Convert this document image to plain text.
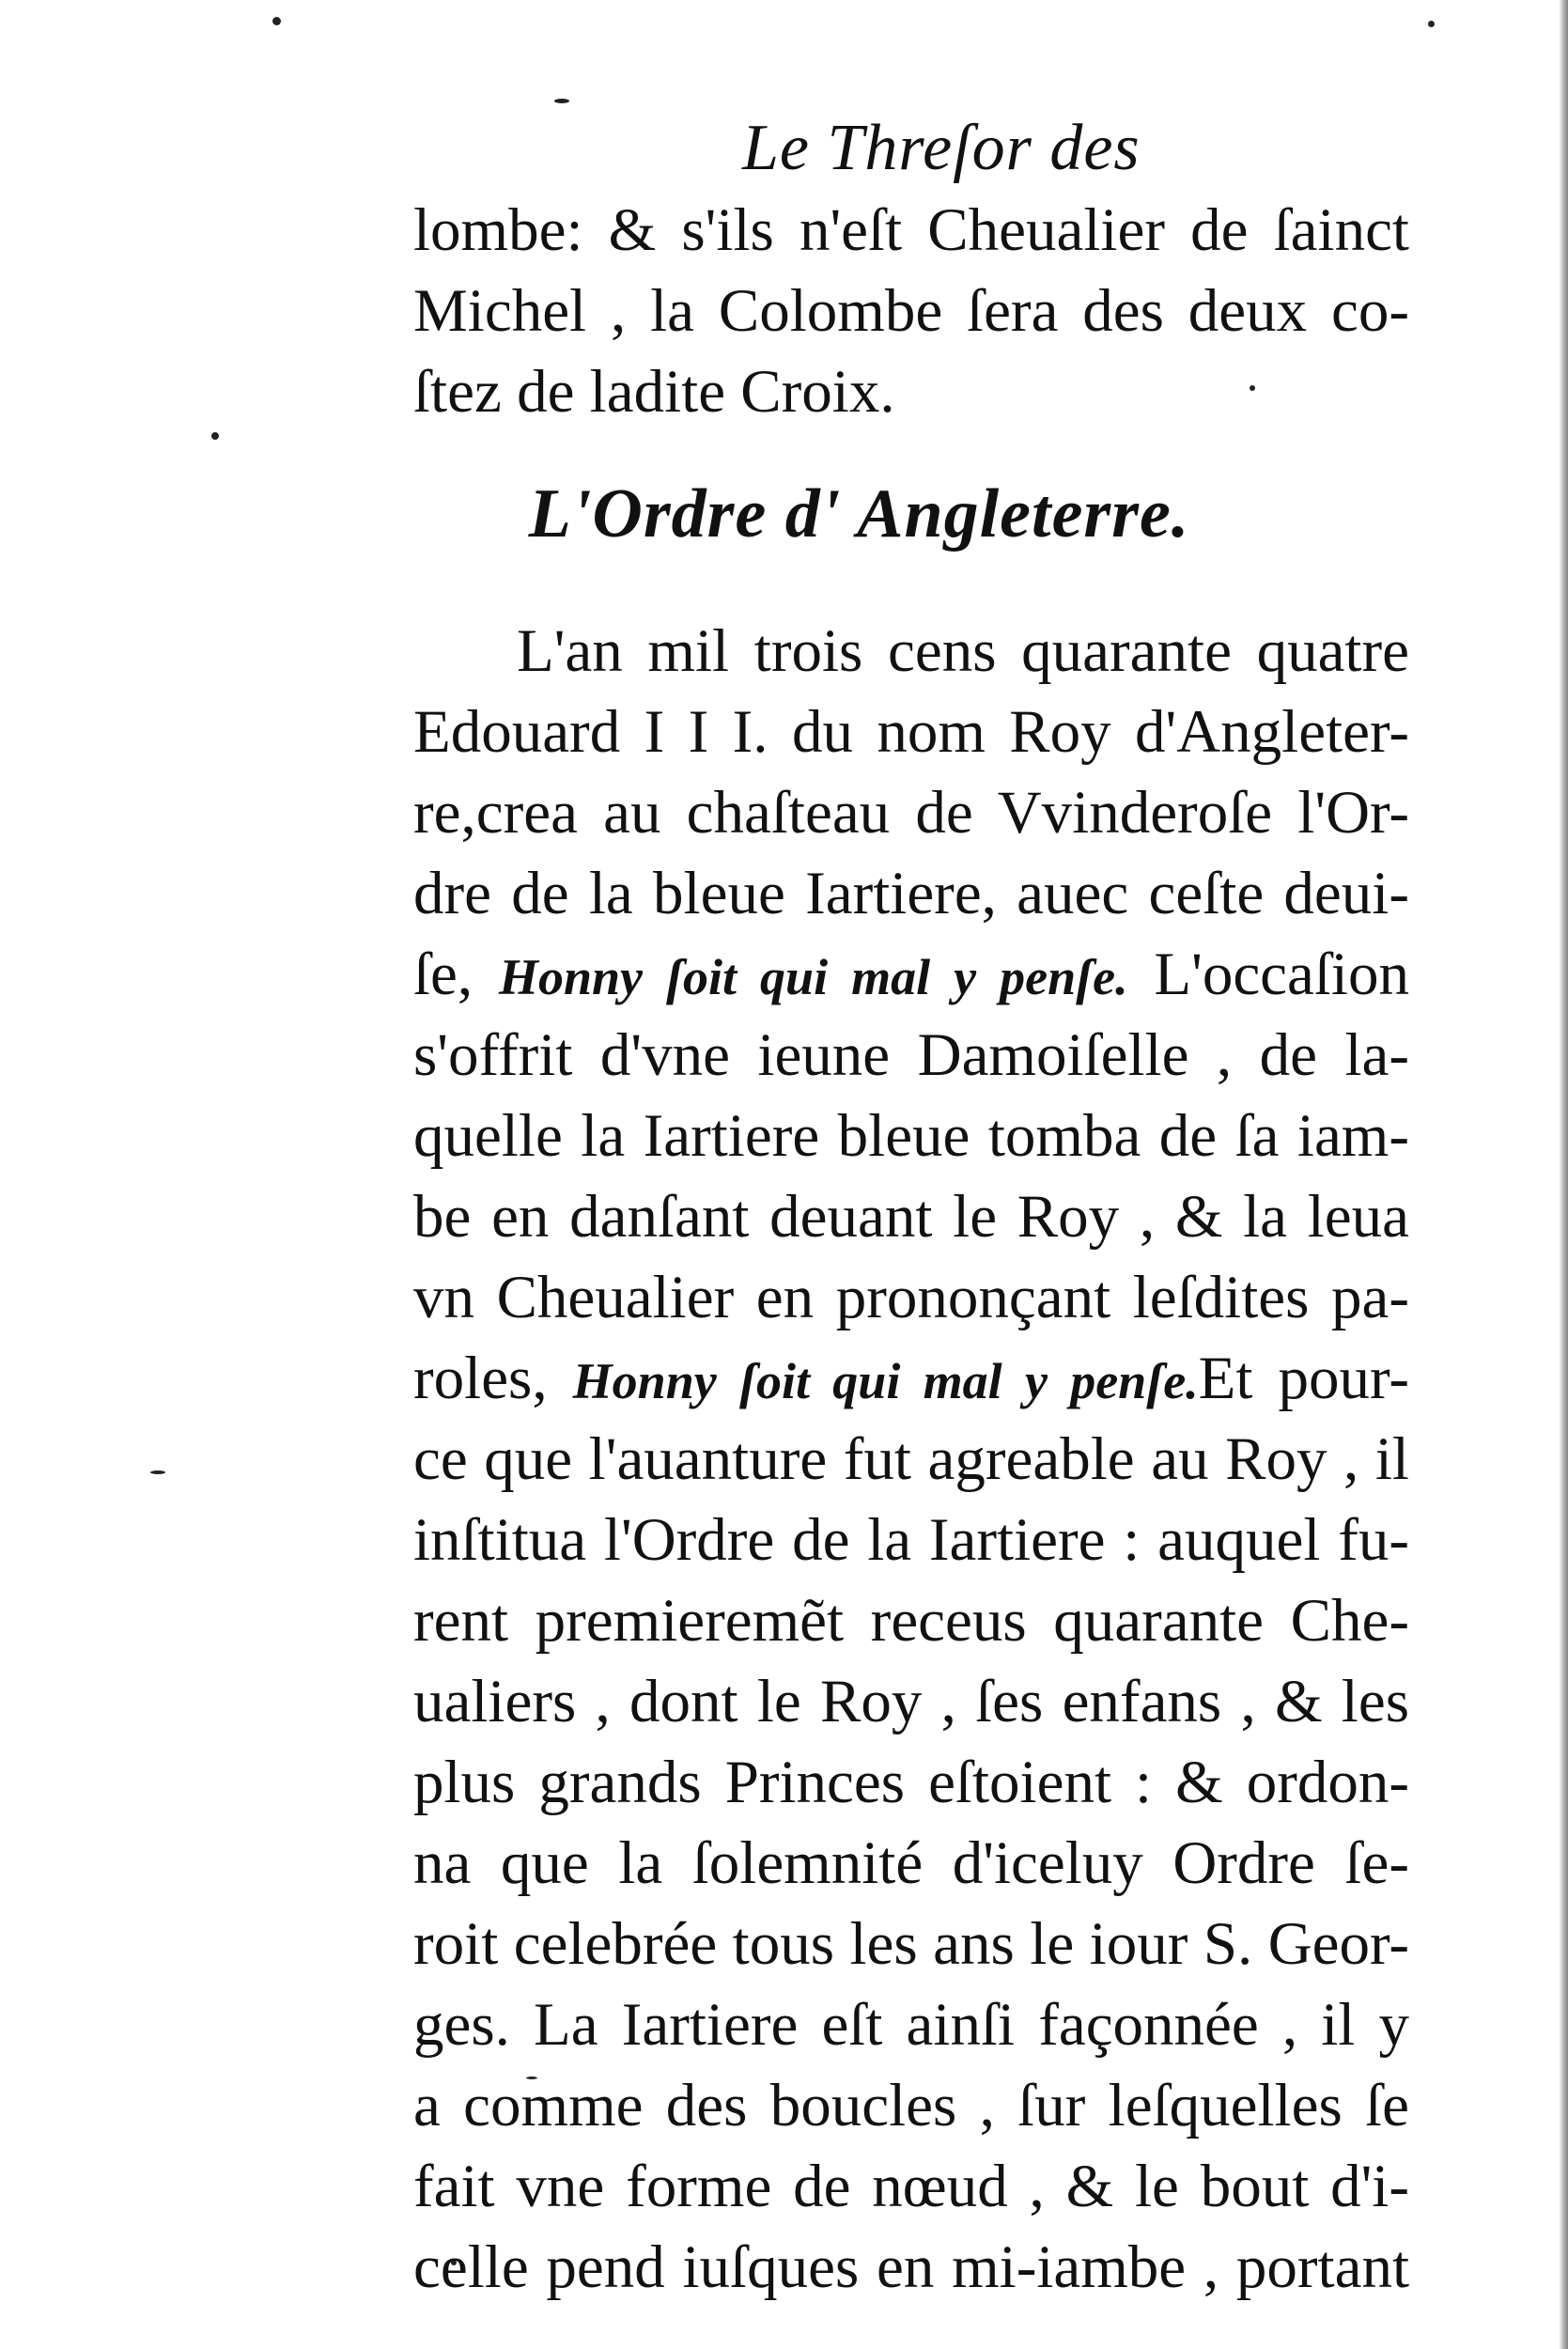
Le Threſor des
lombe: & s'ils n'eſt Cheualier de ſainct
Michel , la Colombe ſera des deux co-
ſtez de ladite Croix.
L'Ordre d' Angleterre.
L'an mil trois cens quarante quatre
Edouard I I I. du nom Roy d'Angleter-
re,crea au chaſteau de Vvinderoſe l'Or-
dre de la bleue Iartiere, auec ceſte deui-
ſe, Honny ſoit qui mal y penſe. L'occaſion
s'offrit d'vne ieune Damoiſelle , de la-
quelle la Iartiere bleue tomba de ſa iam-
be en danſant deuant le Roy , & la leua
vn Cheualier en prononçant leſdites pa-
roles, Honny ſoit qui mal y penſe.Et pour-
ce que l'auanture fut agreable au Roy , il
inſtitua l'Ordre de la Iartiere : auquel fu-
rent premieremẽt receus quarante Che-
ualiers , dont le Roy , ſes enfans , & les
plus grands Princes eſtoient : & ordon-
na que la ſolemnité d'iceluy Ordre ſe-
roit celebrée tous les ans le iour S. Geor-
ges. La Iartiere eſt ainſi façonnée , il y
a comme des boucles , ſur leſquelles ſe
fait vne forme de nœud , & le bout d'i-
celle pend iuſques en mi-iambe , portant
